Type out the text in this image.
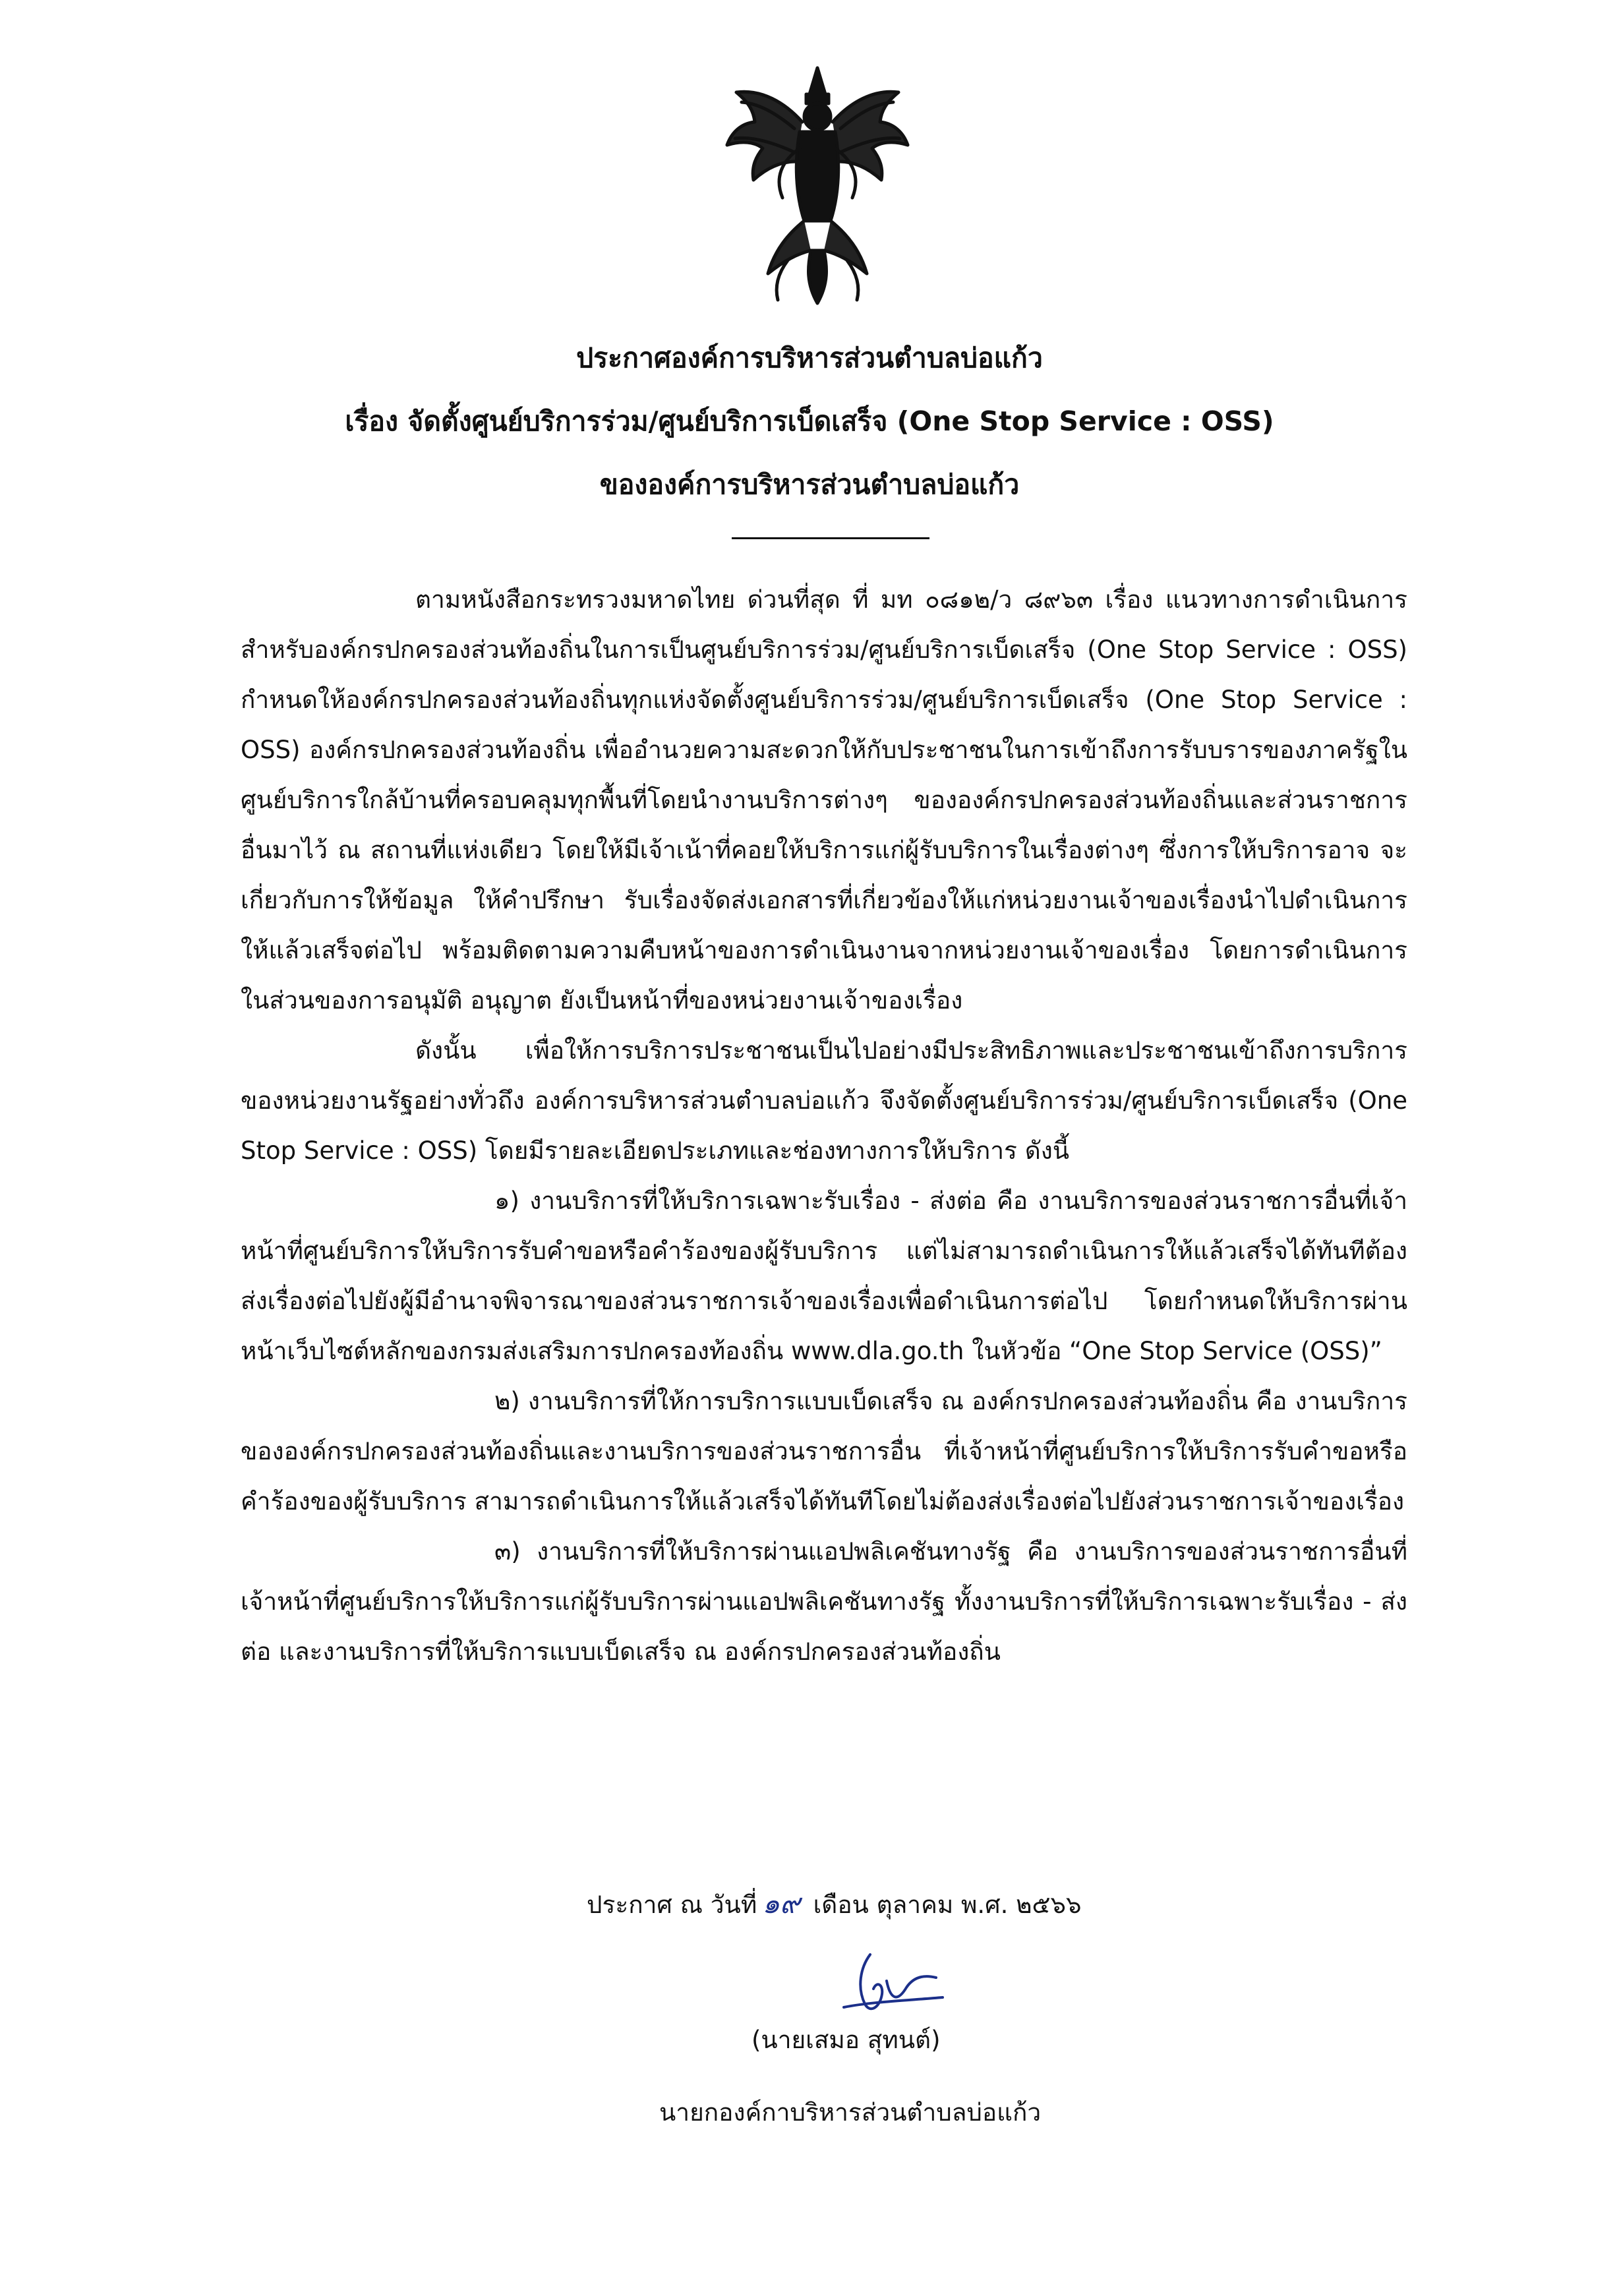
ประกาศองค์การบริหารส่วนตำบลบ่อแก้ว
เรื่อง จัดตั้งศูนย์บริการร่วม/ศูนย์บริการเบ็ดเสร็จ (One Stop Service : OSS)
ขององค์การบริหารส่วนตำบลบ่อแก้ว

ตามหนังสือกระทรวงมหาดไทย ด่วนที่สุด ที่ มท ๐๘๑๒/ว ๘๙๖๓ เรื่อง แนวทางการดำเนินการสำหรับองค์กรปกครองส่วนท้องถิ่นในการเป็นศูนย์บริการร่วม/ศูนย์บริการเบ็ดเสร็จ (One Stop Service : OSS) กำหนดให้องค์กรปกครองส่วนท้องถิ่นทุกแห่งจัดตั้งศูนย์บริการร่วม/ศูนย์บริการเบ็ดเสร็จ (One Stop Service : OSS) องค์กรปกครองส่วนท้องถิ่น เพื่ออำนวยความสะดวกให้กับประชาชนในการเข้าถึงการรับบรารของภาครัฐในศูนย์บริการใกล้บ้านที่ครอบคลุมทุกพื้นที่โดยนำงานบริการต่างๆ ขององค์กรปกครองส่วนท้องถิ่นและส่วนราชการอื่นมาไว้ ณ สถานที่แห่งเดียว โดยให้มีเจ้าเน้าที่คอยให้บริการแก่ผู้รับบริการในเรื่องต่างๆ ซึ่งการให้บริการอาจ จะเกี่ยวกับการให้ข้อมูล ให้คำปรึกษา รับเรื่องจัดส่งเอกสารที่เกี่ยวข้องให้แก่หน่วยงานเจ้าของเรื่องนำไปดำเนินการให้แล้วเสร็จต่อไป พร้อมติดตามความคืบหน้าของการดำเนินงานจากหน่วยงานเจ้าของเรื่อง โดยการดำเนินการในส่วนของการอนุมัติ อนุญาต ยังเป็นหน้าที่ของหน่วยงานเจ้าของเรื่อง

ดังนั้น เพื่อให้การบริการประชาชนเป็นไปอย่างมีประสิทธิภาพและประชาชนเข้าถึงการบริการของหน่วยงานรัฐอย่างทั่วถึง องค์การบริหารส่วนตำบลบ่อแก้ว จึงจัดตั้งศูนย์บริการร่วม/ศูนย์บริการเบ็ดเสร็จ (One Stop Service : OSS) โดยมีรายละเอียดประเภทและช่องทางการให้บริการ ดังนี้

๑) งานบริการที่ให้บริการเฉพาะรับเรื่อง - ส่งต่อ คือ งานบริการของส่วนราชการอื่นที่เจ้าหน้าที่ศูนย์บริการให้บริการรับคำขอหรือคำร้องของผู้รับบริการ แต่ไม่สามารถดำเนินการให้แล้วเสร็จได้ทันทีต้องส่งเรื่องต่อไปยังผู้มีอำนาจพิจารณาของส่วนราชการเจ้าของเรื่องเพื่อดำเนินการต่อไป โดยกำหนดให้บริการผ่านหน้าเว็บไซต์หลักของกรมส่งเสริมการปกครองท้องถิ่น www.dla.go.th ในหัวข้อ “One Stop Service (OSS)”

๒) งานบริการที่ให้การบริการแบบเบ็ดเสร็จ ณ องค์กรปกครองส่วนท้องถิ่น คือ งานบริการขององค์กรปกครองส่วนท้องถิ่นและงานบริการของส่วนราชการอื่น ที่เจ้าหน้าที่ศูนย์บริการให้บริการรับคำขอหรือคำร้องของผู้รับบริการ สามารถดำเนินการให้แล้วเสร็จได้ทันทีโดยไม่ต้องส่งเรื่องต่อไปยังส่วนราชการเจ้าของเรื่อง

๓) งานบริการที่ให้บริการผ่านแอปพลิเคชันทางรัฐ คือ งานบริการของส่วนราชการอื่นที่เจ้าหน้าที่ศูนย์บริการให้บริการแก่ผู้รับบริการผ่านแอปพลิเคชันทางรัฐ ทั้งงานบริการที่ให้บริการเฉพาะรับเรื่อง - ส่งต่อ และงานบริการที่ให้บริการแบบเบ็ดเสร็จ ณ องค์กรปกครองส่วนท้องถิ่น

ประกาศ ณ วันที่ ๑๙ เดือน ตุลาคม พ.ศ. ๒๕๖๖
(นายเสมอ สุทนต์)
นายกองค์กาบริหารส่วนตำบลบ่อแก้ว
